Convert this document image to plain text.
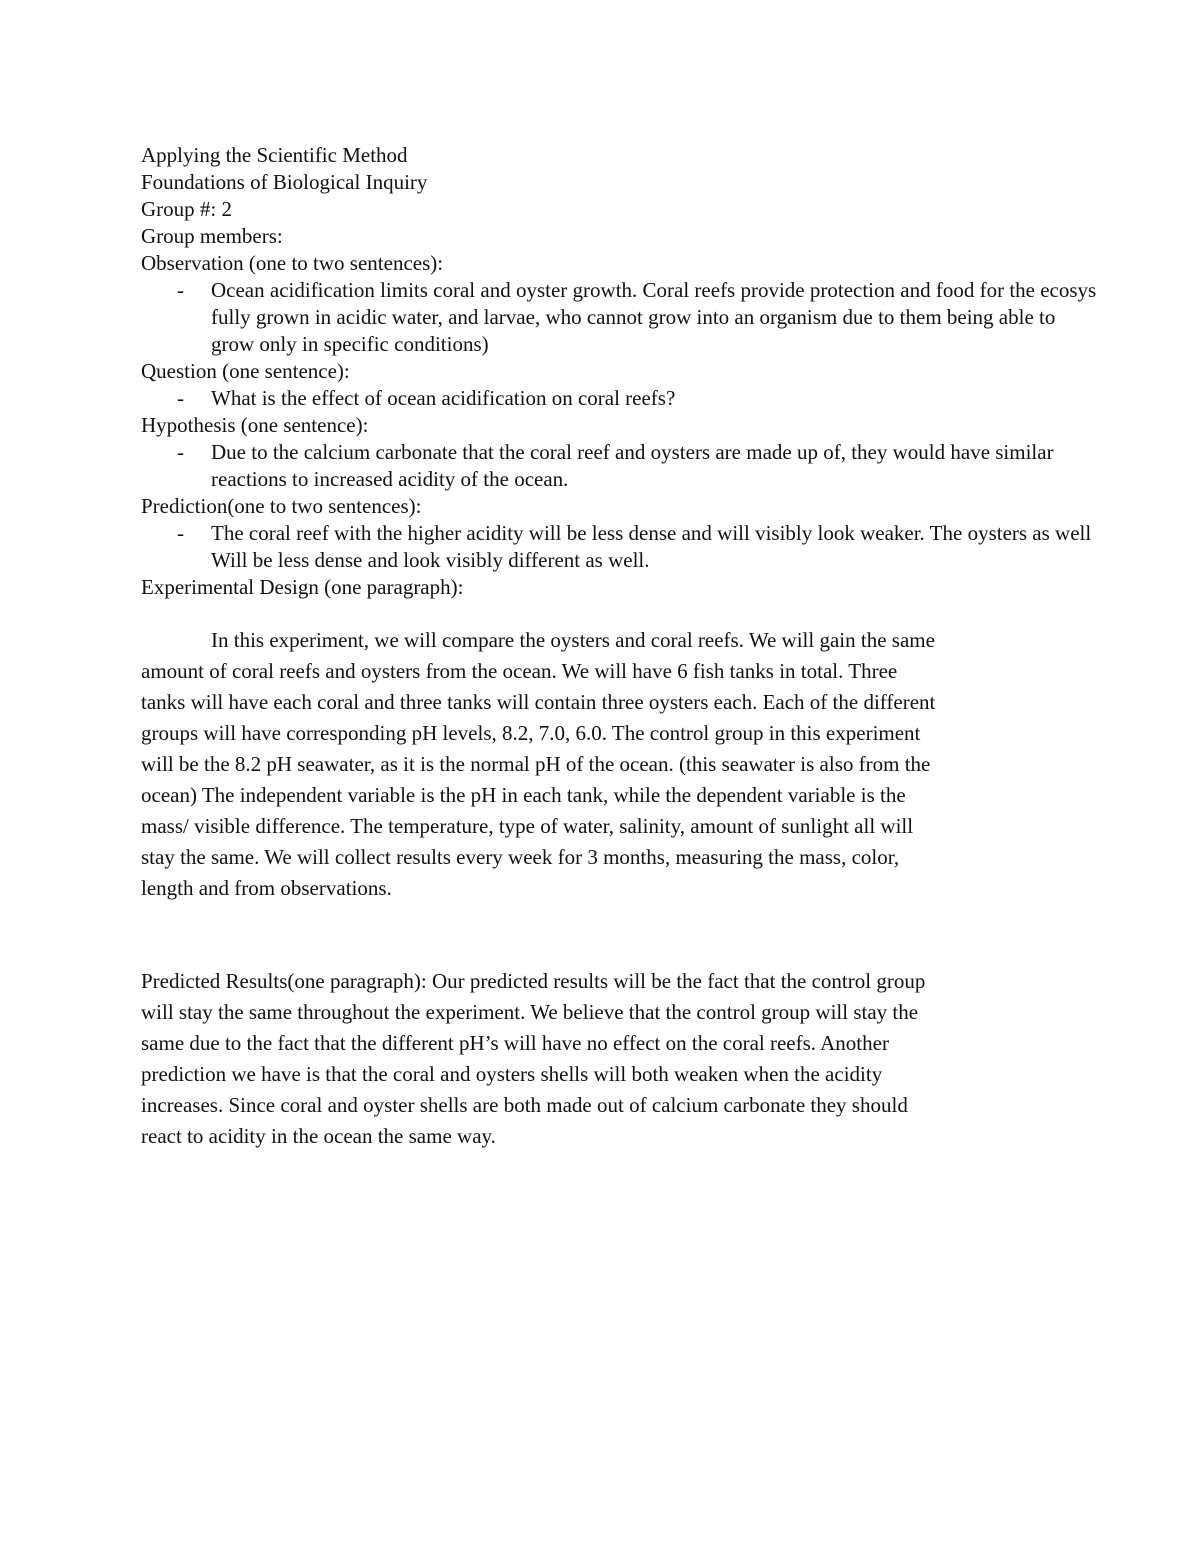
Applying the Scientific Method
Foundations of Biological Inquiry
Group #: 2
Group members:
Observation (one to two sentences):
- Ocean acidification limits coral and oyster growth. Coral reefs provide protection and food for the ecosys
fully grown in acidic water, and larvae, who cannot grow into an organism due to them being able to
grow only in specific conditions)
Question (one sentence):
- What is the effect of ocean acidification on coral reefs?
Hypothesis (one sentence):
- Due to the calcium carbonate that the coral reef and oysters are made up of, they would have similar
reactions to increased acidity of the ocean.
Prediction(one to two sentences):
- The coral reef with the higher acidity will be less dense and will visibly look weaker. The oysters as well
Will be less dense and look visibly different as well.
Experimental Design (one paragraph):
In this experiment, we will compare the oysters and coral reefs. We will gain the same
amount of coral reefs and oysters from the ocean. We will have 6 fish tanks in total. Three
tanks will have each coral and three tanks will contain three oysters each. Each of the different
groups will have corresponding pH levels, 8.2, 7.0, 6.0. The control group in this experiment
will be the 8.2 pH seawater, as it is the normal pH of the ocean. (this seawater is also from the
ocean) The independent variable is the pH in each tank, while the dependent variable is the
mass/ visible difference. The temperature, type of water, salinity, amount of sunlight all will
stay the same. We will collect results every week for 3 months, measuring the mass, color,
length and from observations.
Predicted Results(one paragraph): Our predicted results will be the fact that the control group
will stay the same throughout the experiment. We believe that the control group will stay the
same due to the fact that the different pH’s will have no effect on the coral reefs. Another
prediction we have is that the coral and oysters shells will both weaken when the acidity
increases. Since coral and oyster shells are both made out of calcium carbonate they should
react to acidity in the ocean the same way.
